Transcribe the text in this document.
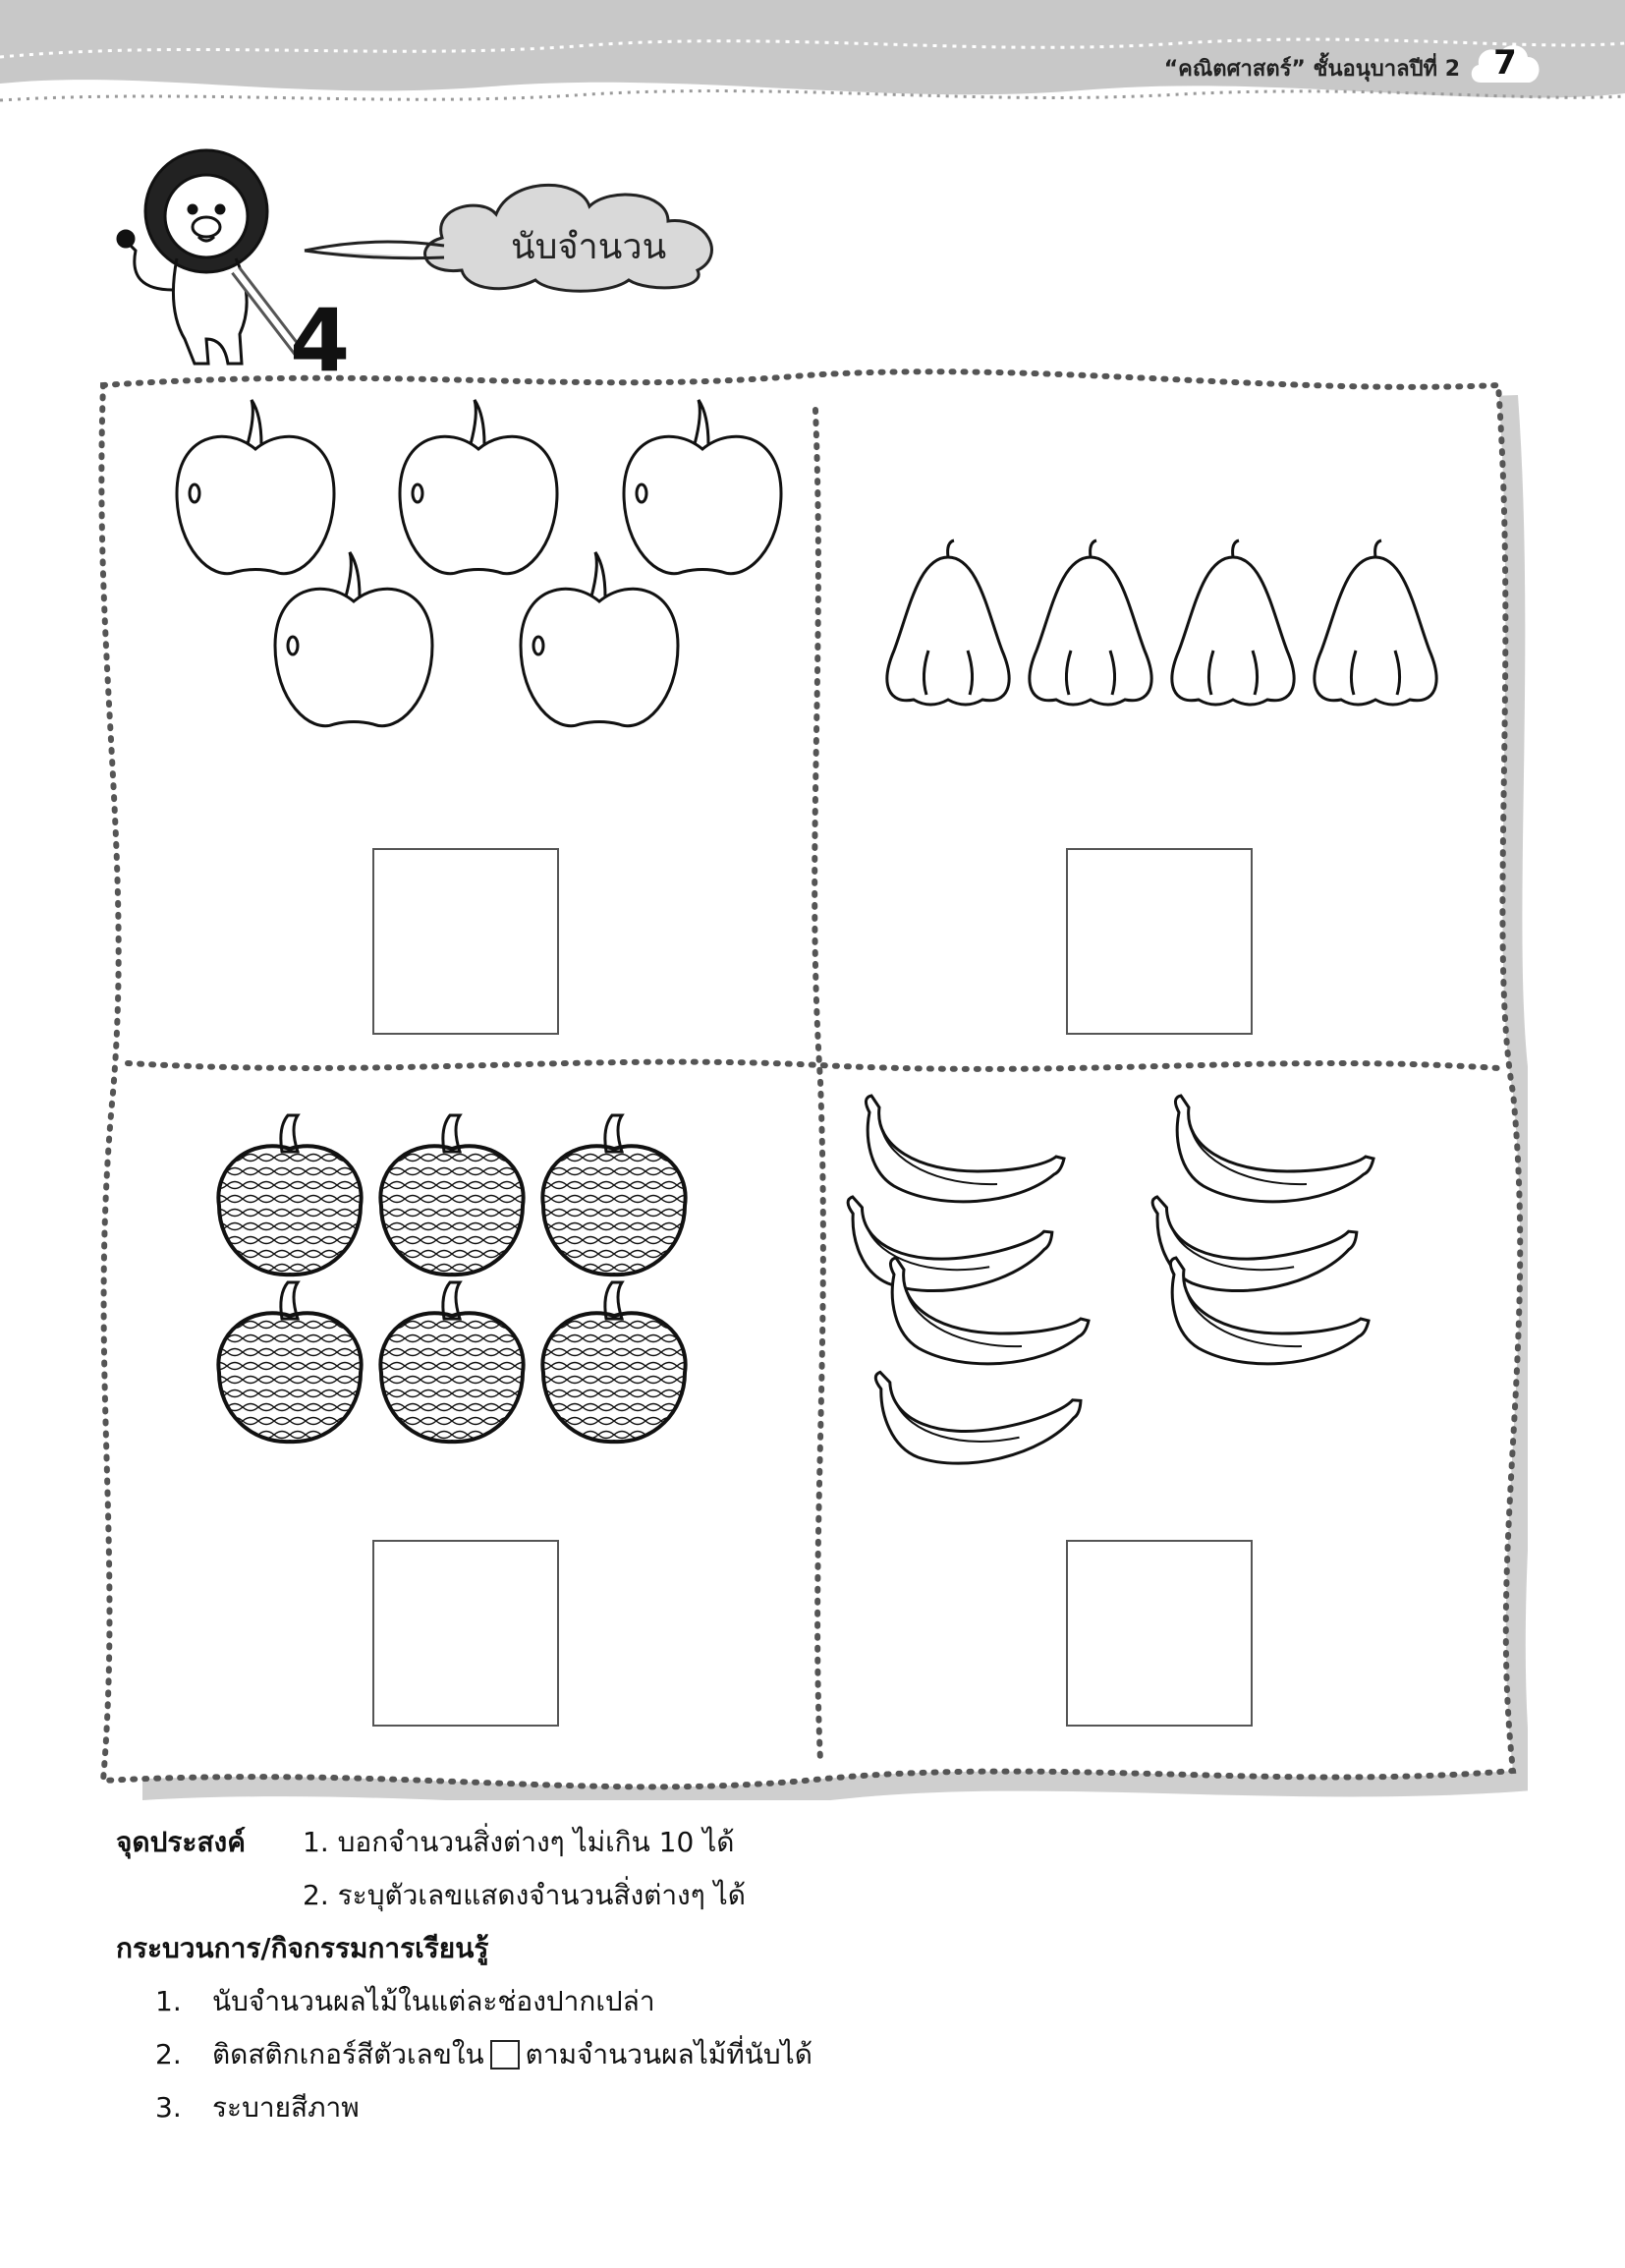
“คณิตศาสตร์” ชั้นอนุบาลปีที่ 2	7
4
นับจำนวน
จุดประสงค์	1. บอกจำนวนสิ่งต่างๆ ไม่เกิน 10 ได้
2. ระบุตัวเลขแสดงจำนวนสิ่งต่างๆ ได้
กระบวนการ/กิจกรรมการเรียนรู้
1.	นับจำนวนผลไม้ในแต่ละช่องปากเปล่า
2.	ติดสติกเกอร์สีตัวเลขใน ตามจำนวนผลไม้ที่นับได้
3.	ระบายสีภาพ
